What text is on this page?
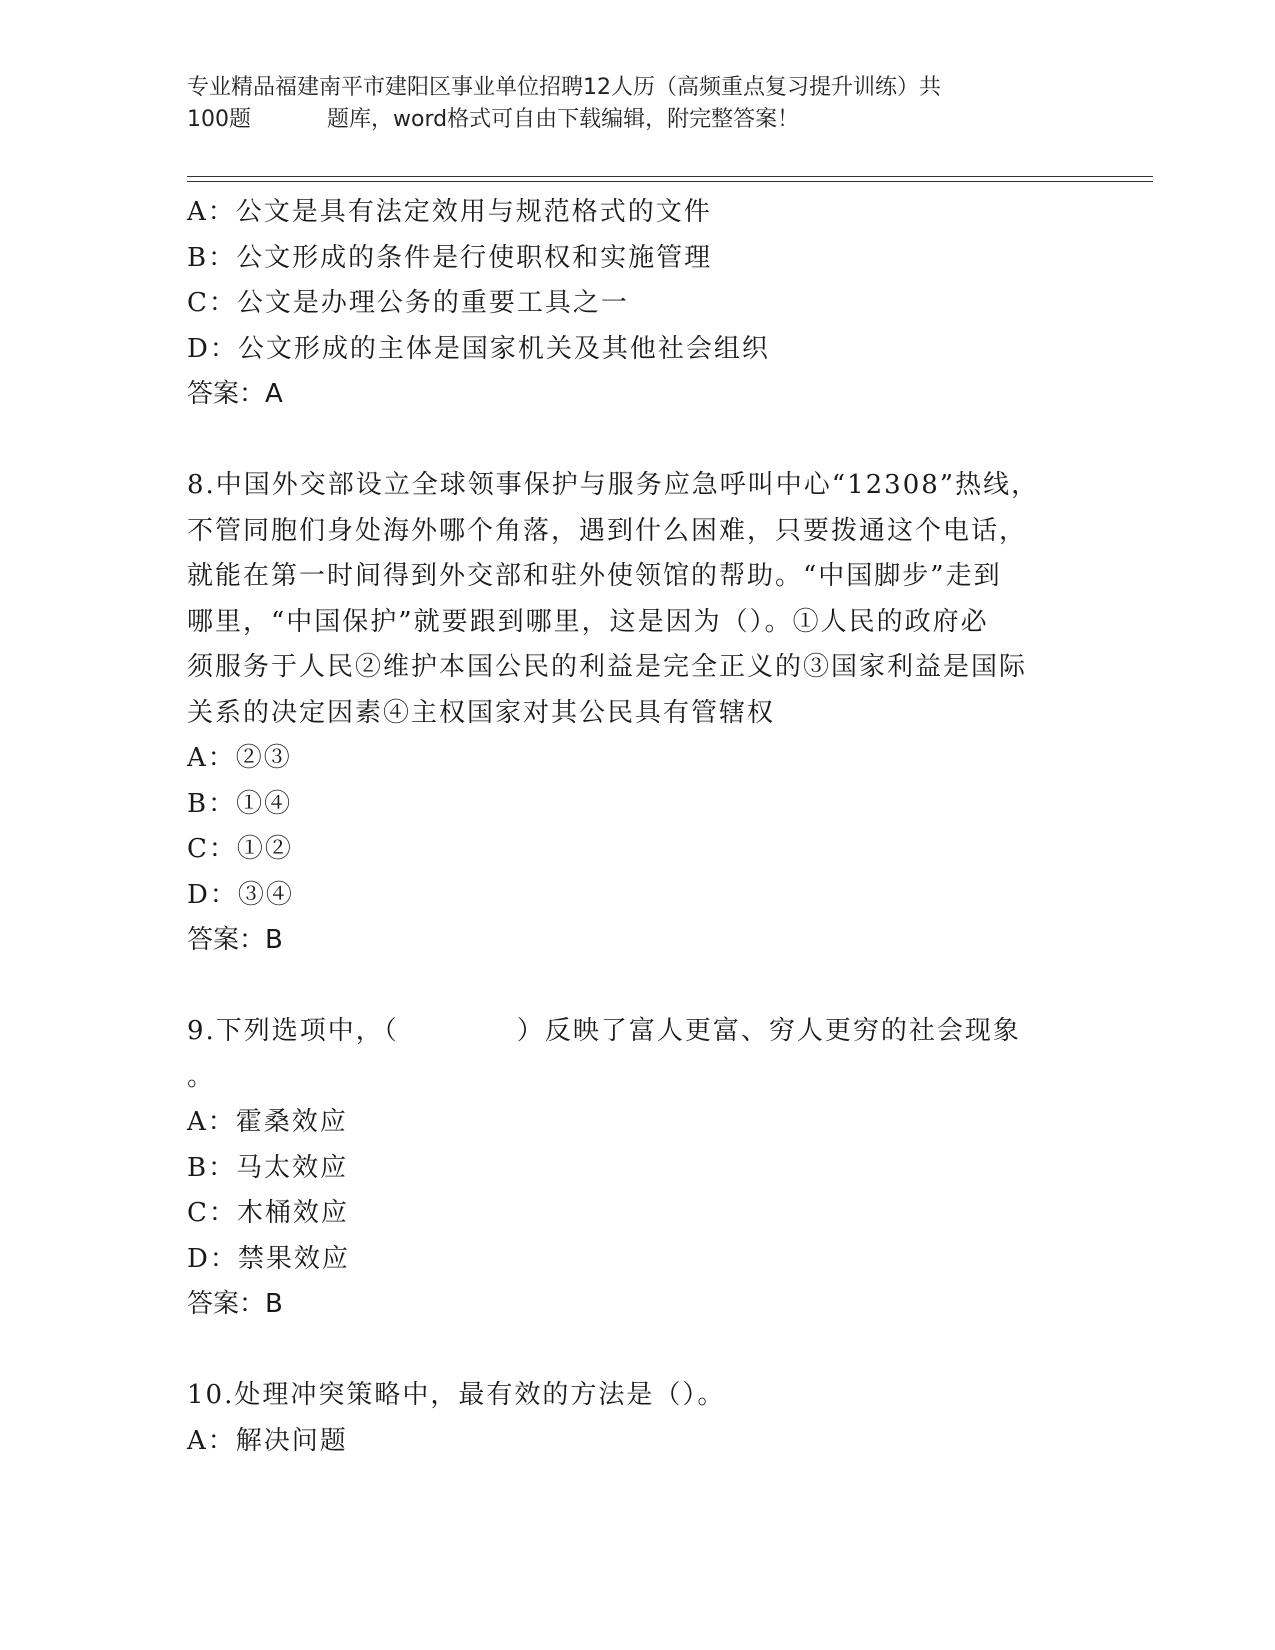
专业精品福建南平市建阳区事业单位招聘12人历（高频重点复习提升训练）共
100题	题库，word格式可自由下载编辑，附完整答案！
A：公文是具有法定效用与规范格式的文件
B：公文形成的条件是行使职权和实施管理
C：公文是办理公务的重要工具之一
D：公文形成的主体是国家机关及其他社会组织
答案：A
8.中国外交部设立全球领事保护与服务应急呼叫中心“12308”热线，
不管同胞们身处海外哪个角落，遇到什么困难，只要拨通这个电话，
就能在第一时间得到外交部和驻外使领馆的帮助。“中国脚步”走到
哪里，“中国保护”就要跟到哪里，这是因为（）。①人民的政府必
须服务于人民②维护本国公民的利益是完全正义的③国家利益是国际
关系的决定因素④主权国家对其公民具有管辖权
A：②③
B：①④
C：①②
D：③④
答案：B
9.下列选项中，（	）反映了富人更富、穷人更穷的社会现象
。
A：霍桑效应
B：马太效应
C：木桶效应
D：禁果效应
答案：B
10.处理冲突策略中，最有效的方法是（）。
A：解决问题
